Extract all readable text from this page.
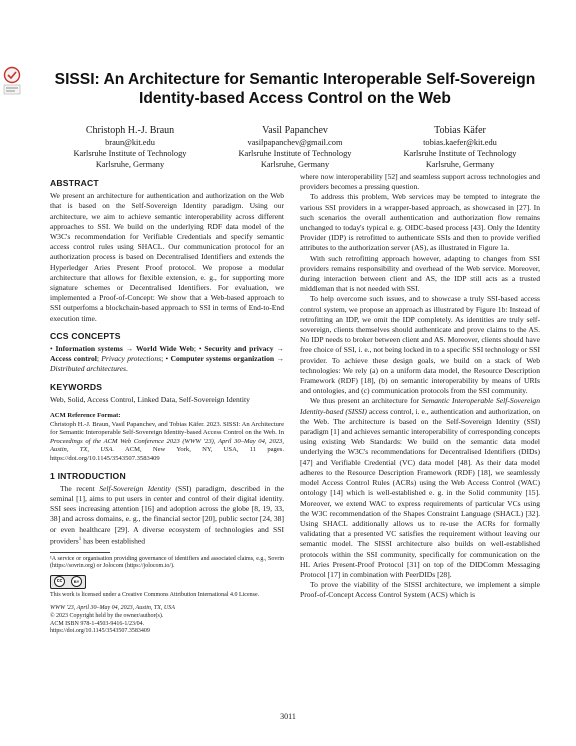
SISSI: An Architecture for Semantic Interoperable Self-Sovereign Identity-based Access Control on the Web
Christoph H.-J. Braun
braun@kit.edu
Karlsruhe Institute of Technology
Karlsruhe, Germany
Vasil Papanchev
vasilpapanchev@gmail.com
Karlsruhe Institute of Technology
Karlsruhe, Germany
Tobias Käfer
tobias.kaefer@kit.edu
Karlsruhe Institute of Technology
Karlsruhe, Germany
ABSTRACT

We present an architecture for authentication and authorization on the Web that is based on the Self-Sovereign Identity paradigm. Using our architecture, we aim to achieve semantic interoperability across different approaches to SSI. We build on the underlying RDF data model of the W3C's recommendation for Verifiable Credentials and specify semantic access control rules using SHACL. Our communication protocol for an authorization process is based on Decentralised Identifiers and extends the Hyperledger Aries Present Proof protocol. We propose a modular architecture that allows for flexible extension, e. g., for supporting more signature schemes or Decentralised Identifiers. For evaluation, we implemented a Proof-of-Concept: We show that a Web-based approach to SSI outperfoms a blockchain-based approach to SSI in terms of End-to-End execution time.

CCS CONCEPTS

• Information systems → World Wide Web; • Security and privacy → Access control; Privacy protections; • Computer systems organization → Distributed architectures.

KEYWORDS

Web, Solid, Access Control, Linked Data, Self-Sovereign Identity

ACM Reference Format:
Christoph H.-J. Braun, Vasil Papanchev, and Tobias Käfer. 2023. SISSI: An Architecture for Semantic Interoperable Self-Sovereign Identity-based Access Control on the Web. In Proceedings of the ACM Web Conference 2023 (WWW '23), April 30–May 04, 2023, Austin, TX, USA. ACM, New York, NY, USA, 11 pages. https://doi.org/10.1145/3543507.3583409

1 INTRODUCTION

The recent Self-Sovereign Identity (SSI) paradigm, described in the seminal [1], aims to put users in center and control of their digital identity. SSI sees increasing attention [16] and adoption across the globe [8, 19, 33, 38] and across domains, e. g., the financial sector [20], public sector [24, 38] or even healthcare [29]. A diverse ecosystem of technologies and SSI providers$^1$ has been established

¹A service or organisation providing governance of identifiers and associated claims, e.g., Sovrin (https://sovrin.org) or Jolocom (https://jolocom.io/).

cc	BY

This work is licensed under a Creative Commons Attribution International 4.0 License.

WWW '23, April 30–May 04, 2023, Austin, TX, USA
© 2023 Copyright held by the owner/author(s).
ACM ISBN 978-1-4503-9416-1/23/04.
https://doi.org/10.1145/3543507.3583409

where now interoperability [52] and seamless support across technologies and providers becomes a pressing question.

To address this problem, Web services may be tempted to integrate the various SSI providers in a wrapper-based approach, as showcased in [27]. In such scenarios the overall authentication and authorization flow remains unchanged to today's typical e. g. OIDC-based process [43]. Only the Identity Provider (IDP) is retrofitted to authenticate SSIs and then to provide verified attributes to the authorization server (AS), as illustrated in Figure 1a.

With such retrofitting approach however, adapting to changes from SSI providers remains responsibility and overhead of the Web service. Moreover, during interaction between client and AS, the IDP still acts as a trusted middleman that is not needed with SSI.

To help overcome such issues, and to showcase a truly SSI-based access control system, we propose an approach as illustrated by Figure 1b: Instead of retrofitting an IDP, we omit the IDP completely. As identities are truly self-sovereign, clients themselves should authenticate and prove claims to the AS. No IDP needs to broker between client and AS. Moreover, clients should have free choice of SSI, i. e., not being locked in to a specific SSI technology or SSI provider. To achieve these design goals, we build on a stack of Web technologies: We rely (a) on a uniform data model, the Resource Description Framework (RDF) [18], (b) on semantic interoperability by means of URIs and ontologies, and (c) communication protocols from the SSI community.

We thus present an architecture for Semantic Interoperable Self-Sovereign Identity-based (SISSI) access control, i. e., authentication and authorization, on the Web. The architecture is based on the Self-Sovereign Identity (SSI) paradigm [1] and achieves semantic interoperability of corresponding concepts using existing Web Standards: We build on the semantic data model underlying the W3C's recommendations for Decentralised Identifiers (DIDs) [47] and Verifiable Credential (VC) data model [48]. As their data model adheres to the Resource Description Framework (RDF) [18], we seamlessly model Access Control Rules (ACRs) using the Web Access Control (WAC) ontology [14] which is well-established e. g. in the Solid community [15]. Moreover, we extend WAC to express requirements of particular VCs using the W3C recommendation of the Shapes Constraint Language (SHACL) [32]. Using SHACL additionally allows us to re-use the ACRs for formally validating that a presented VC satisfies the requirement without leaving our semantic model. The SISSI architecture also builds on well-established protocols within the SSI community, specifically for communication on the HL Aries Present-Proof Protocol [31] on top of the DIDComm Messaging Protocol [17] in combination with PeerDIDs [28].

To prove the viability of the SISSI architecture, we implement a simple Proof-of-Concept Access Control System (ACS) which is

3011
